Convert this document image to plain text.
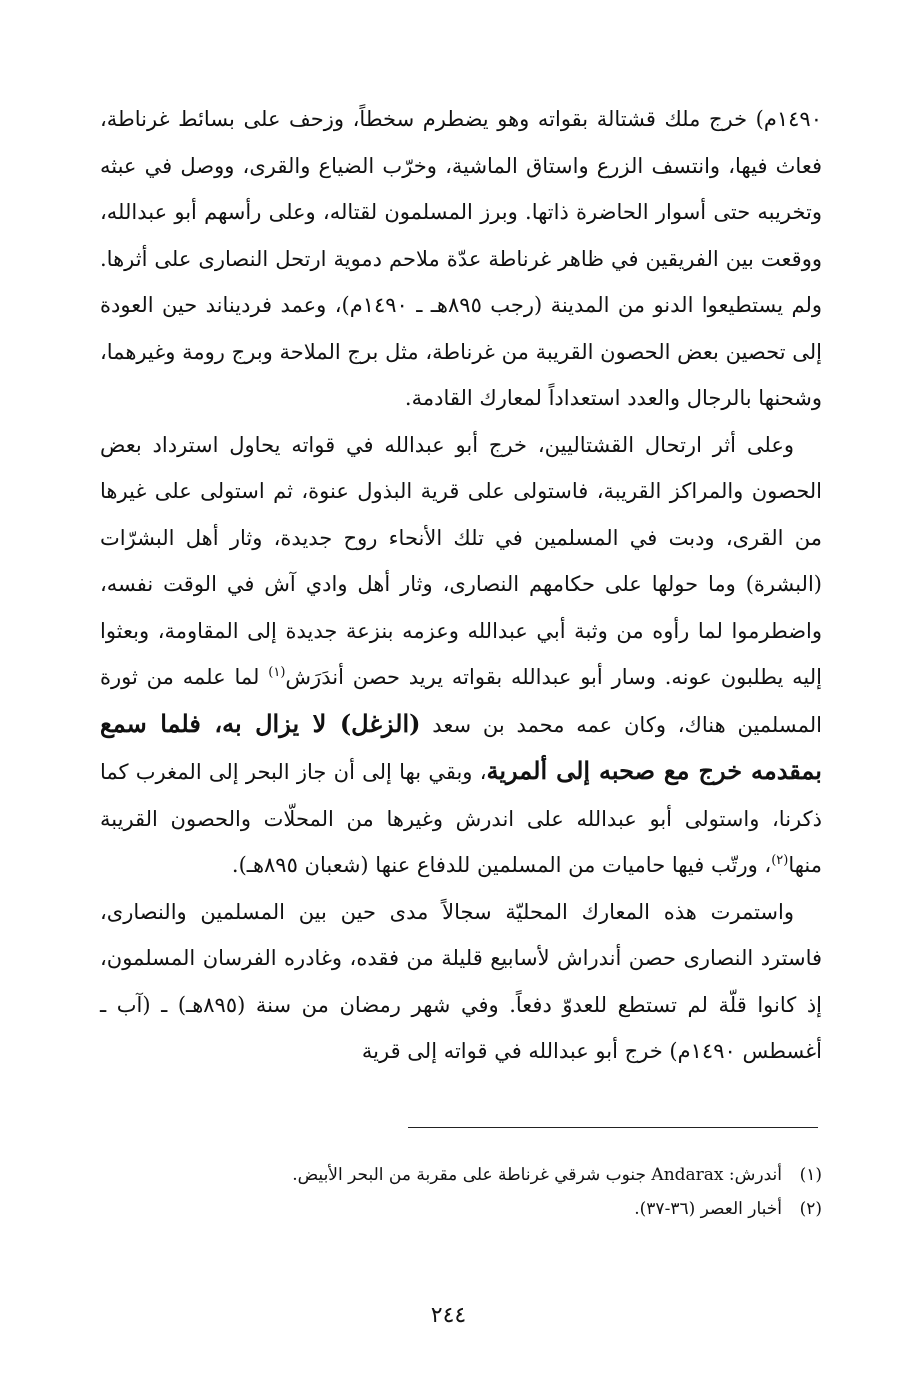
١٤٩٠م) خرج ملك قشتالة بقواته وهو يضطرم سخطاً، وزحف على بسائط غرناطة، فعاث فيها، وانتسف الزرع واستاق الماشية، وخرّب الضياع والقرى، ووصل في عبثه وتخريبه حتى أسوار الحاضرة ذاتها. وبرز المسلمون لقتاله، وعلى رأسهم أبو عبدالله، ووقعت بين الفريقين في ظاهر غرناطة عدّة ملاحم دموية ارتحل النصارى على أثرها. ولم يستطيعوا الدنو من المدينة (رجب ٨٩٥هـ ـ ١٤٩٠م)، وعمد فرديناند حين العودة إلى تحصين بعض الحصون القريبة من غرناطة، مثل برج الملاحة وبرج رومة وغيرهما، وشحنها بالرجال والعدد استعداداً لمعارك القادمة.

وعلى أثر ارتحال القشتاليين، خرج أبو عبدالله في قواته يحاول استرداد بعض الحصون والمراكز القريبة، فاستولى على قرية البذول عنوة، ثم استولى على غيرها من القرى، ودبت في المسلمين في تلك الأنحاء روح جديدة، وثار أهل البشرّات (البشرة) وما حولها على حكامهم النصارى، وثار أهل وادي آش في الوقت نفسه، واضطرموا لما رأوه من وثبة أبي عبدالله وعزمه بنزعة جديدة إلى المقاومة، وبعثوا إليه يطلبون عونه. وسار أبو عبدالله بقواته يريد حصن أندَرَش$^{(١)}$ لما علمه من ثورة المسلمين هناك، وكان عمه محمد بن سعد (الزغل) لا يزال به، فلما سمع بمقدمه خرج مع صحبه إلى ألمرية، وبقي بها إلى أن جاز البحر إلى المغرب كما ذكرنا، واستولى أبو عبدالله على اندرش وغيرها من المحلّات والحصون القريبة منها$^{(٢)}$، ورتّب فيها حاميات من المسلمين للدفاع عنها (شعبان ٨٩٥هـ).

واستمرت هذه المعارك المحليّة سجالاً مدى حين بين المسلمين والنصارى، فاسترد النصارى حصن أندراش لأسابيع قليلة من فقده، وغادره الفرسان المسلمون، إذ كانوا قلّة لم تستطع للعدوّ دفعاً. وفي شهر رمضان من سنة (٨٩٥هـ) ـ (آب ـ أغسطس ١٤٩٠م) خرج أبو عبدالله في قواته إلى قرية

(١)أندرش: Andarax جنوب شرقي غرناطة على مقربة من البحر الأبيض.

(٢)أخبار العصر (٣٦-٣٧).

٢٤٤
